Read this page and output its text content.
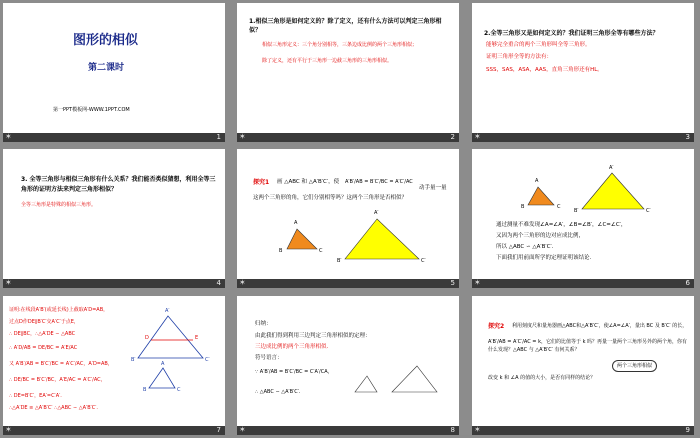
图形的相似
第二课时
第一PPT模板网-WWW.1PPT.COM
✶	1
1.相似三角形是如何定义的？除了定义，还有什么方法可以判定三角形相似？
相似三角形定义：三个角分别相等，三条边成比例的两个三角形相似；
除了定义，还有平行于三角形一边截三角形的三角形相似。
✶	2
2.全等三角形又是如何定义的？我们证明三角形全等有哪些方法？
能够完全重合的两个三角形叫全等三角形。
证明三角形全等的方法有：
SSS，SAS，ASA，AAS，直角三角形还有HL。
✶	3
3. 全等三角形与相似三角形有什么关系？我们能否类似猜想，利用全等三角形的证明方法来判定三角形相似？
全等三角形是特殊的相似三角形。
✶	4
探究1 画 △ABC 和 △A′B′C′，使 A′B′/AB = B′C′/BC = A′C′/AC
动手量一量
这两个三角形的角，它们分别相等吗？这两个三角形是否相似？
A
B	C
A′
B′	C′
✶	5
A
B	C
A′
B′	C′
通过测量不难发现∠A=∠A′，∠B=∠B′，∠C=∠C′，
又因为两个三角形的边对应成比例，
所以 △ABC ∽ △A′B′C′.
下面我们用前面所学的定理证明该结论.
✶	6
证明:在线段A′B′(或延长线)上截取A′D=AB，
过点D作DE∥B′C′交A′C′于点E，
∴ DE∥BC，∴△A′DE ∽ △ABC
∴ A′D/AB = DE/BC = A′E/AC
又 A′B′/AB = B′C′/BC = A′C′/AC，A′D=AB，
∴ DE/BC = B′C′/BC，A′E/AC = A′C′/AC，
∴ DE=B′C′，EA′=C′A′.
∴△A′DE ≌ △A′B′C′ ∴△ABC ∽ △A′B′C′.
A′
B′	C′
D	E
A
B	C
✶	7
归纳：
由此我们得到利用三边判定三角形相似的定理：
三边成比例的两个三角形相似.
符号语言：
∵ A′B′/AB = B′C′/BC = C′A′/CA，
∴ △ABC ∽ △A′B′C′.
✶	8
探究2 利用刻度尺和量角器画△ABC和△A′B′C′，使∠A=∠A′，量出 BC 及 B′C′ 的长，
A′B′/AB = A′C′/AC = k，它们的比值等于 k 吗？再量一量两个三角形另外的两个角，你有什么发现？△ABC 与 △A′B′C′ 有何关系？
改变 k 和 ∠A 的值的大小，是否有同样的结论？
两个三角形相似
✶	9
